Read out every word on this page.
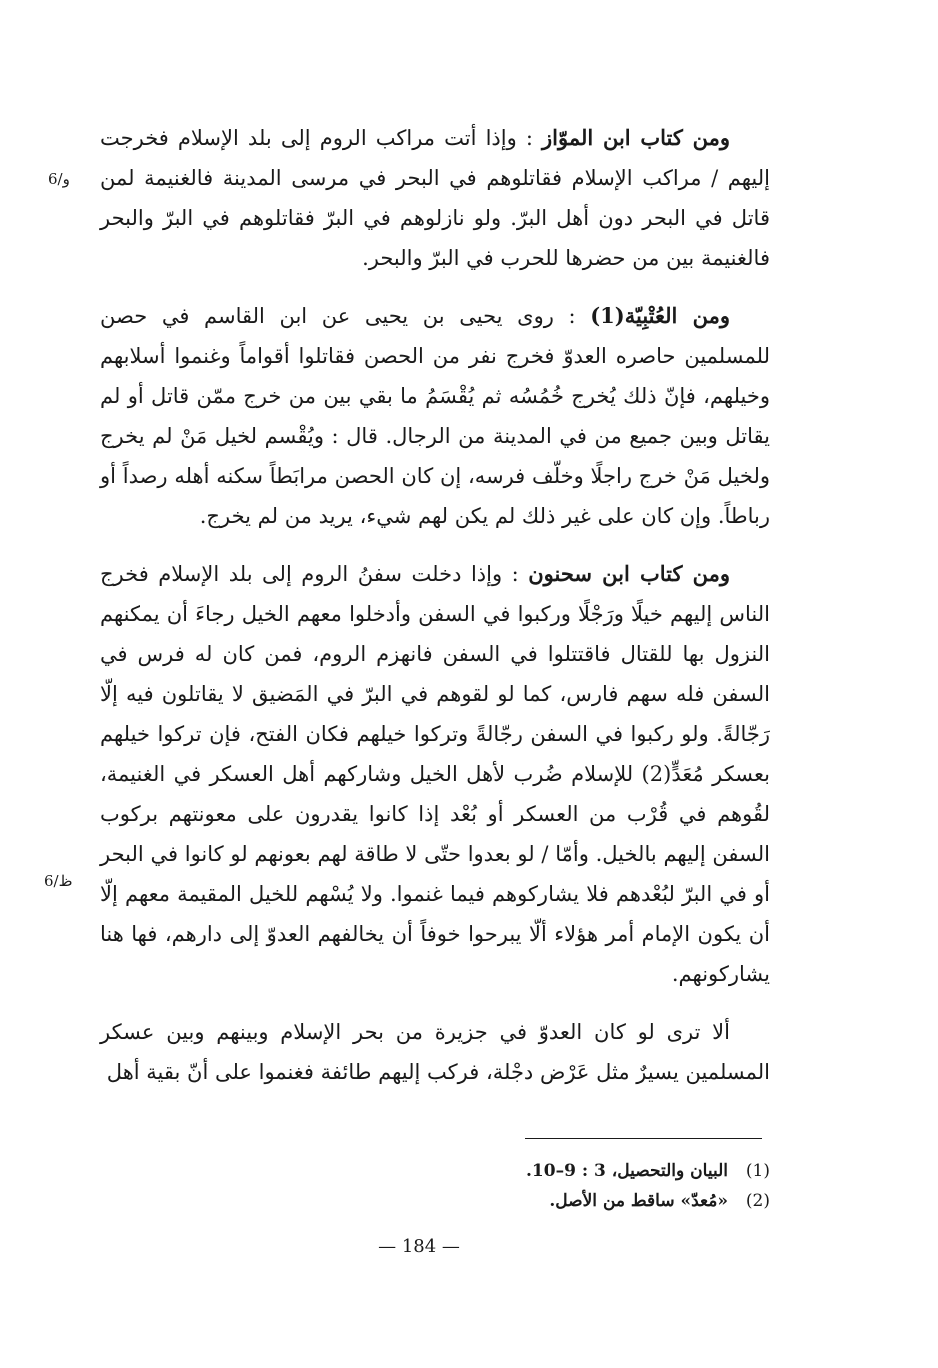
ومن كتاب ابن الموّاز : وإذا أتت مراكب الروم إلى بلد الإسلام فخرجت إليهم / مراكب الإسلام فقاتلوهم في البحر في مرسى المدينة فالغنيمة لمن قاتل في البحر دون أهل البرّ. ولو نازلوهم في البرّ فقاتلوهم في البرّ والبحر فالغنيمة بين من حضرها للحرب في البرّ والبحر.

ومن العُتْبِيّة(1) : روى يحيى بن يحيى عن ابن القاسم في حصن للمسلمين حاصره العدوّ فخرج نفر من الحصن فقاتلوا أقواماً وغنموا أسلابهم وخيلهم، فإنّ ذلك يُخرج خُمُسُه ثم يُقْسَمُ ما بقي بين من خرج ممّن قاتل أو لم يقاتل وبين جميع من في المدينة من الرجال. قال : ويُقْسم لخيل مَنْ لم يخرج ولخيل مَنْ خرج راجلًا وخلّف فرسه، إن كان الحصن مرابَطاً سكنه أهله رصداً أو رباطاً. وإن كان على غير ذلك لم يكن لهم شيء، يريد من لم يخرج.

ومن كتاب ابن سحنون : وإذا دخلت سفنُ الروم إلى بلد الإسلام فخرج الناس إليهم خيلًا ورَجْلًا وركبوا في السفن وأدخلوا معهم الخيل رجاءَ أن يمكنهم النزول بها للقتال فاقتتلوا في السفن فانهزم الروم، فمن كان له فرس في السفن فله سهم فارس، كما لو لقوهم في البرّ في المَضيق لا يقاتلون فيه إلّا رَجّالةً. ولو ركبوا في السفن رجّالةً وتركوا خيلهم فكان الفتح، فإن تركوا خيلهم بعسكر مُعَدٍّ(2) للإسلام ضُرب لأهل الخيل وشاركهم أهل العسكر في الغنيمة، لقُوهم في قُرْب من العسكر أو بُعْد إذا كانوا يقدرون على معونتهم بركوب السفن إليهم بالخيل. وأمّا / لو بعدوا حتّى لا طاقة لهم بعونهم لو كانوا في البحر أو في البرّ لبُعْدهم فلا يشاركوهم فيما غنموا. ولا يُسْهم للخيل المقيمة معهم إلّا أن يكون الإمام أمر هؤلاء ألّا يبرحوا خوفاً أن يخالفهم العدوّ إلى دارهم، فها هنا يشاركونهم.

ألا ترى لو كان العدوّ في جزيرة من بحر الإسلام وبينهم وبين عسكر المسلمين يسيرٌ مثل عَرْض دجْلة، فركب إليهم طائفة فغنموا على أنّ بقية أهل

6/و
6/ظ
(1)
البيان والتحصيل، 3 : 9–10.
(2)
«مُعدّ» ساقط من الأصل.
— 184 —
